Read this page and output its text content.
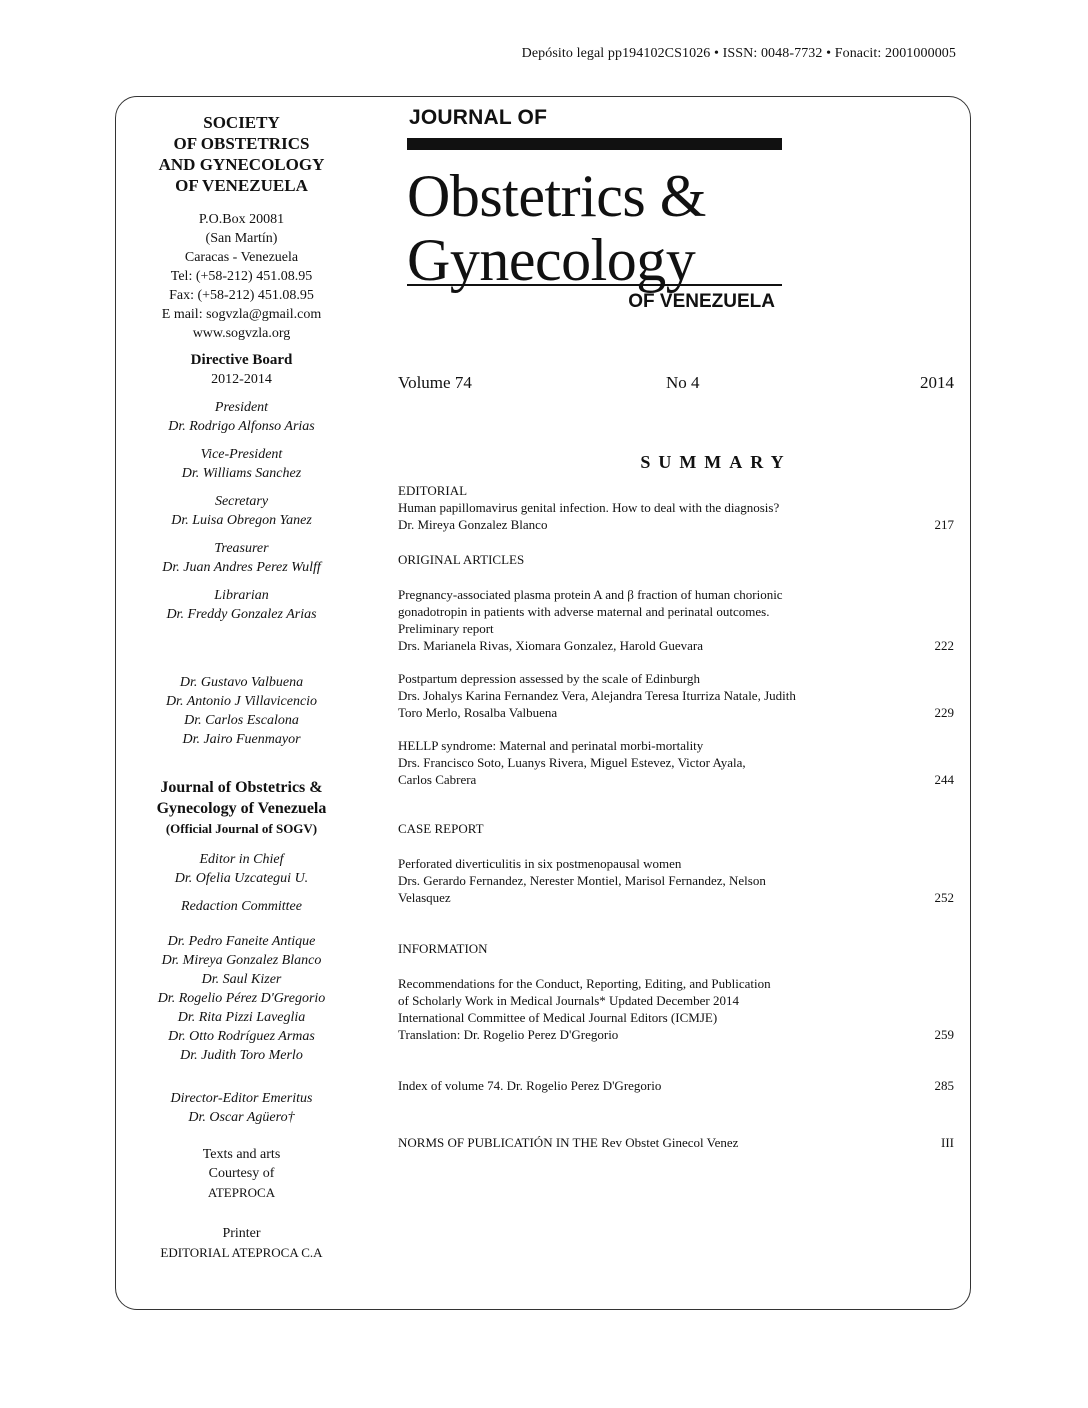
Depósito legal pp194102CS1026 • ISSN: 0048-7732 • Fonacit: 2001000005
SOCIETY
OF OBSTETRICS
AND GYNECOLOGY
OF VENEZUELA
P.O.Box 20081
(San Martín)
Caracas - Venezuela
Tel: (+58-212) 451.08.95
Fax: (+58-212) 451.08.95
E mail: sogvzla@gmail.com
www.sogvzla.org
Directive Board
2012-2014
President
Dr. Rodrigo Alfonso Arias
Vice-President
Dr. Williams Sanchez
Secretary
Dr. Luisa Obregon Yanez
Treasurer
Dr. Juan Andres Perez Wulff
Librarian
Dr. Freddy Gonzalez Arias
Dr. Gustavo Valbuena
Dr. Antonio J Villavicencio
Dr. Carlos Escalona
Dr. Jairo Fuenmayor
Journal of Obstetrics &
Gynecology of Venezuela
(Official Journal of SOGV)
Editor in Chief
Dr. Ofelia Uzcategui U.
Redaction Committee
Dr. Pedro Faneite Antique
Dr. Mireya Gonzalez Blanco
Dr. Saul Kizer
Dr. Rogelio Pérez D'Gregorio
Dr. Rita Pizzi Laveglia
Dr. Otto Rodríguez Armas
Dr. Judith Toro Merlo
Director-Editor Emeritus
Dr. Oscar Agüero†
Texts and arts
Courtesy of
ATEPROCA
Printer
EDITORIAL ATEPROCA C.A
JOURNAL OF
Obstetrics &
Gynecology
OF VENEZUELA
Volume 74	No 4	2014
SUMMARY
EDITORIAL
Human papillomavirus genital infection. How to deal with the diagnosis?
Dr. Mireya Gonzalez Blanco	217
ORIGINAL ARTICLES
Pregnancy-associated plasma protein A and β fraction of human chorionic
gonadotropin in patients with adverse maternal and perinatal outcomes.
Preliminary report
Drs. Marianela Rivas, Xiomara Gonzalez, Harold Guevara	222
Postpartum depression assessed by the scale of Edinburgh
Drs. Johalys Karina Fernandez Vera, Alejandra Teresa Iturriza Natale, Judith
Toro Merlo, Rosalba Valbuena	229
HELLP syndrome: Maternal and perinatal morbi-mortality
Drs. Francisco Soto, Luanys Rivera, Miguel Estevez, Victor Ayala,
Carlos Cabrera	244
CASE REPORT
Perforated diverticulitis in six postmenopausal women
Drs. Gerardo Fernandez, Nerester Montiel, Marisol Fernandez, Nelson
Velasquez	252
INFORMATION
Recommendations for the Conduct, Reporting, Editing, and Publication
of Scholarly Work in Medical Journals* Updated December 2014
International Committee of Medical Journal Editors (ICMJE)
Translation: Dr. Rogelio Perez D'Gregorio	259
Index of volume 74. Dr. Rogelio Perez D'Gregorio	285
NORMS OF PUBLICATIÓN IN THE Rev Obstet Ginecol Venez	III
